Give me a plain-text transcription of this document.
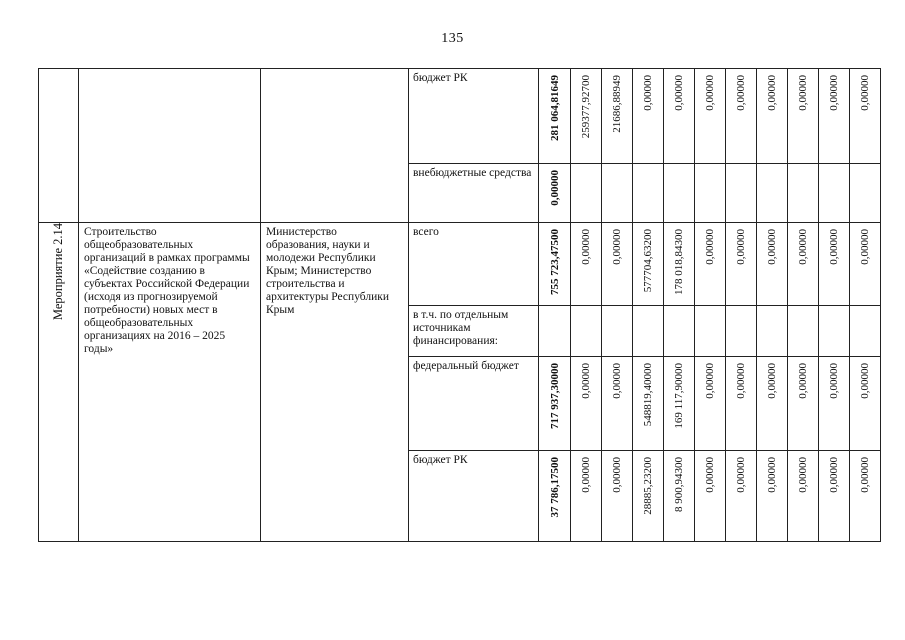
135

			бюджет РК	281 064,81649	259377,92700	21686,88949	0,00000	0,00000	0,00000	0,00000	0,00000	0,00000	0,00000	0,00000

			внебюджетные средства	0,00000										

Мероприятие 2.14	Строительство общеобразовательных организаций в рамках программы «Содействие созданию в субъектах Российской Федерации (исходя из прогнозируемой потребности) новых мест в общеобразовательных организациях на 2016 – 2025 годы»	Министерство образования, науки и молодежи Республики Крым; Министерство строительства и архитектуры Республики Крым	всего	755 723,47500	0,00000	0,00000	577704,63200	178 018,84300	0,00000	0,00000	0,00000	0,00000	0,00000	0,00000

			в т.ч. по отдельным источникам финансирования:											

			федеральный бюджет	717 937,30000	0,00000	0,00000	548819,40000	169 117,90000	0,00000	0,00000	0,00000	0,00000	0,00000	0,00000

			бюджет РК	37 786,17500	0,00000	0,00000	28885,23200	8 900,94300	0,00000	0,00000	0,00000	0,00000	0,00000	0,00000
